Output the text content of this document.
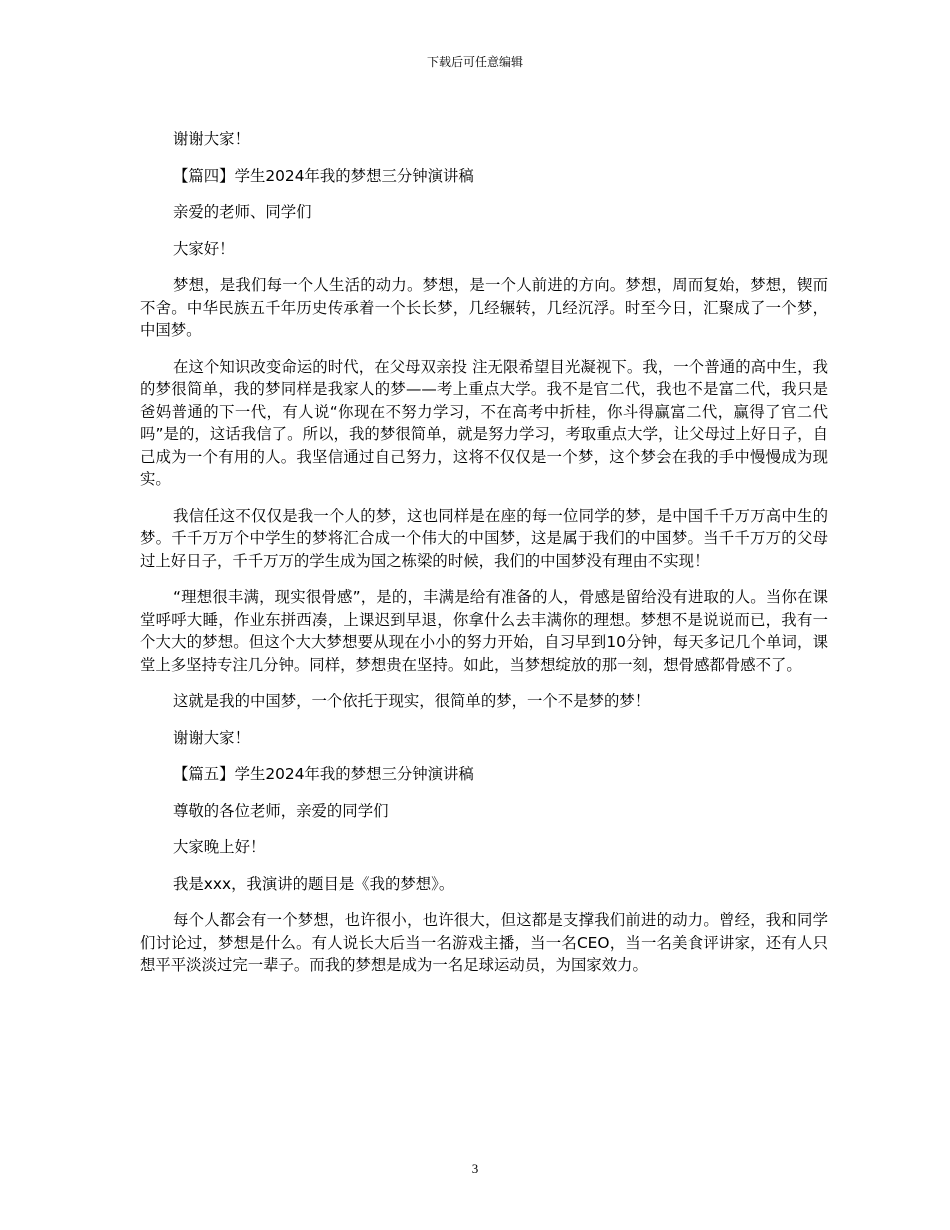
下载后可任意编辑

谢谢大家！

【篇四】学生2024年我的梦想三分钟演讲稿

亲爱的老师、同学们

大家好！

梦想，是我们每一个人生活的动力。梦想，是一个人前进的方向。梦想，周而复始，梦想，锲而不舍。中华民族五千年历史传承着一个长长梦，几经辗转，几经沉浮。时至今日，汇聚成了一个梦，中国梦。

在这个知识改变命运的时代，在父母双亲投 注无限希望目光凝视下。我，一个普通的高中生，我的梦很简单，我的梦同样是我家人的梦——考上重点大学。我不是官二代，我也不是富二代，我只是爸妈普通的下一代，有人说“你现在不努力学习，不在高考中折桂，你斗得赢富二代，赢得了官二代吗”是的，这话我信了。所以，我的梦很简单，就是努力学习，考取重点大学，让父母过上好日子，自己成为一个有用的人。我坚信通过自己努力，这将不仅仅是一个梦，这个梦会在我的手中慢慢成为现实。

我信任这不仅仅是我一个人的梦，这也同样是在座的每一位同学的梦，是中国千千万万高中生的梦。千千万万个中学生的梦将汇合成一个伟大的中国梦，这是属于我们的中国梦。当千千万万的父母过上好日子，千千万万的学生成为国之栋梁的时候，我们的中国梦没有理由不实现！

“理想很丰满，现实很骨感”，是的，丰满是给有准备的人，骨感是留给没有进取的人。当你在课堂呼呼大睡，作业东拼西凑，上课迟到早退，你拿什么去丰满你的理想。梦想不是说说而已，我有一个大大的梦想。但这个大大梦想要从现在小小的努力开始，自习早到10分钟，每天多记几个单词，课堂上多坚持专注几分钟。同样，梦想贵在坚持。如此，当梦想绽放的那一刻，想骨感都骨感不了。

这就是我的中国梦，一个依托于现实，很简单的梦，一个不是梦的梦！

谢谢大家！

【篇五】学生2024年我的梦想三分钟演讲稿

尊敬的各位老师，亲爱的同学们

大家晚上好！

我是xxx，我演讲的题目是《我的梦想》。

每个人都会有一个梦想，也许很小，也许很大，但这都是支撑我们前进的动力。曾经，我和同学们讨论过，梦想是什么。有人说长大后当一名游戏主播，当一名CEO，当一名美食评讲家，还有人只想平平淡淡过完一辈子。而我的梦想是成为一名足球运动员，为国家效力。

3
